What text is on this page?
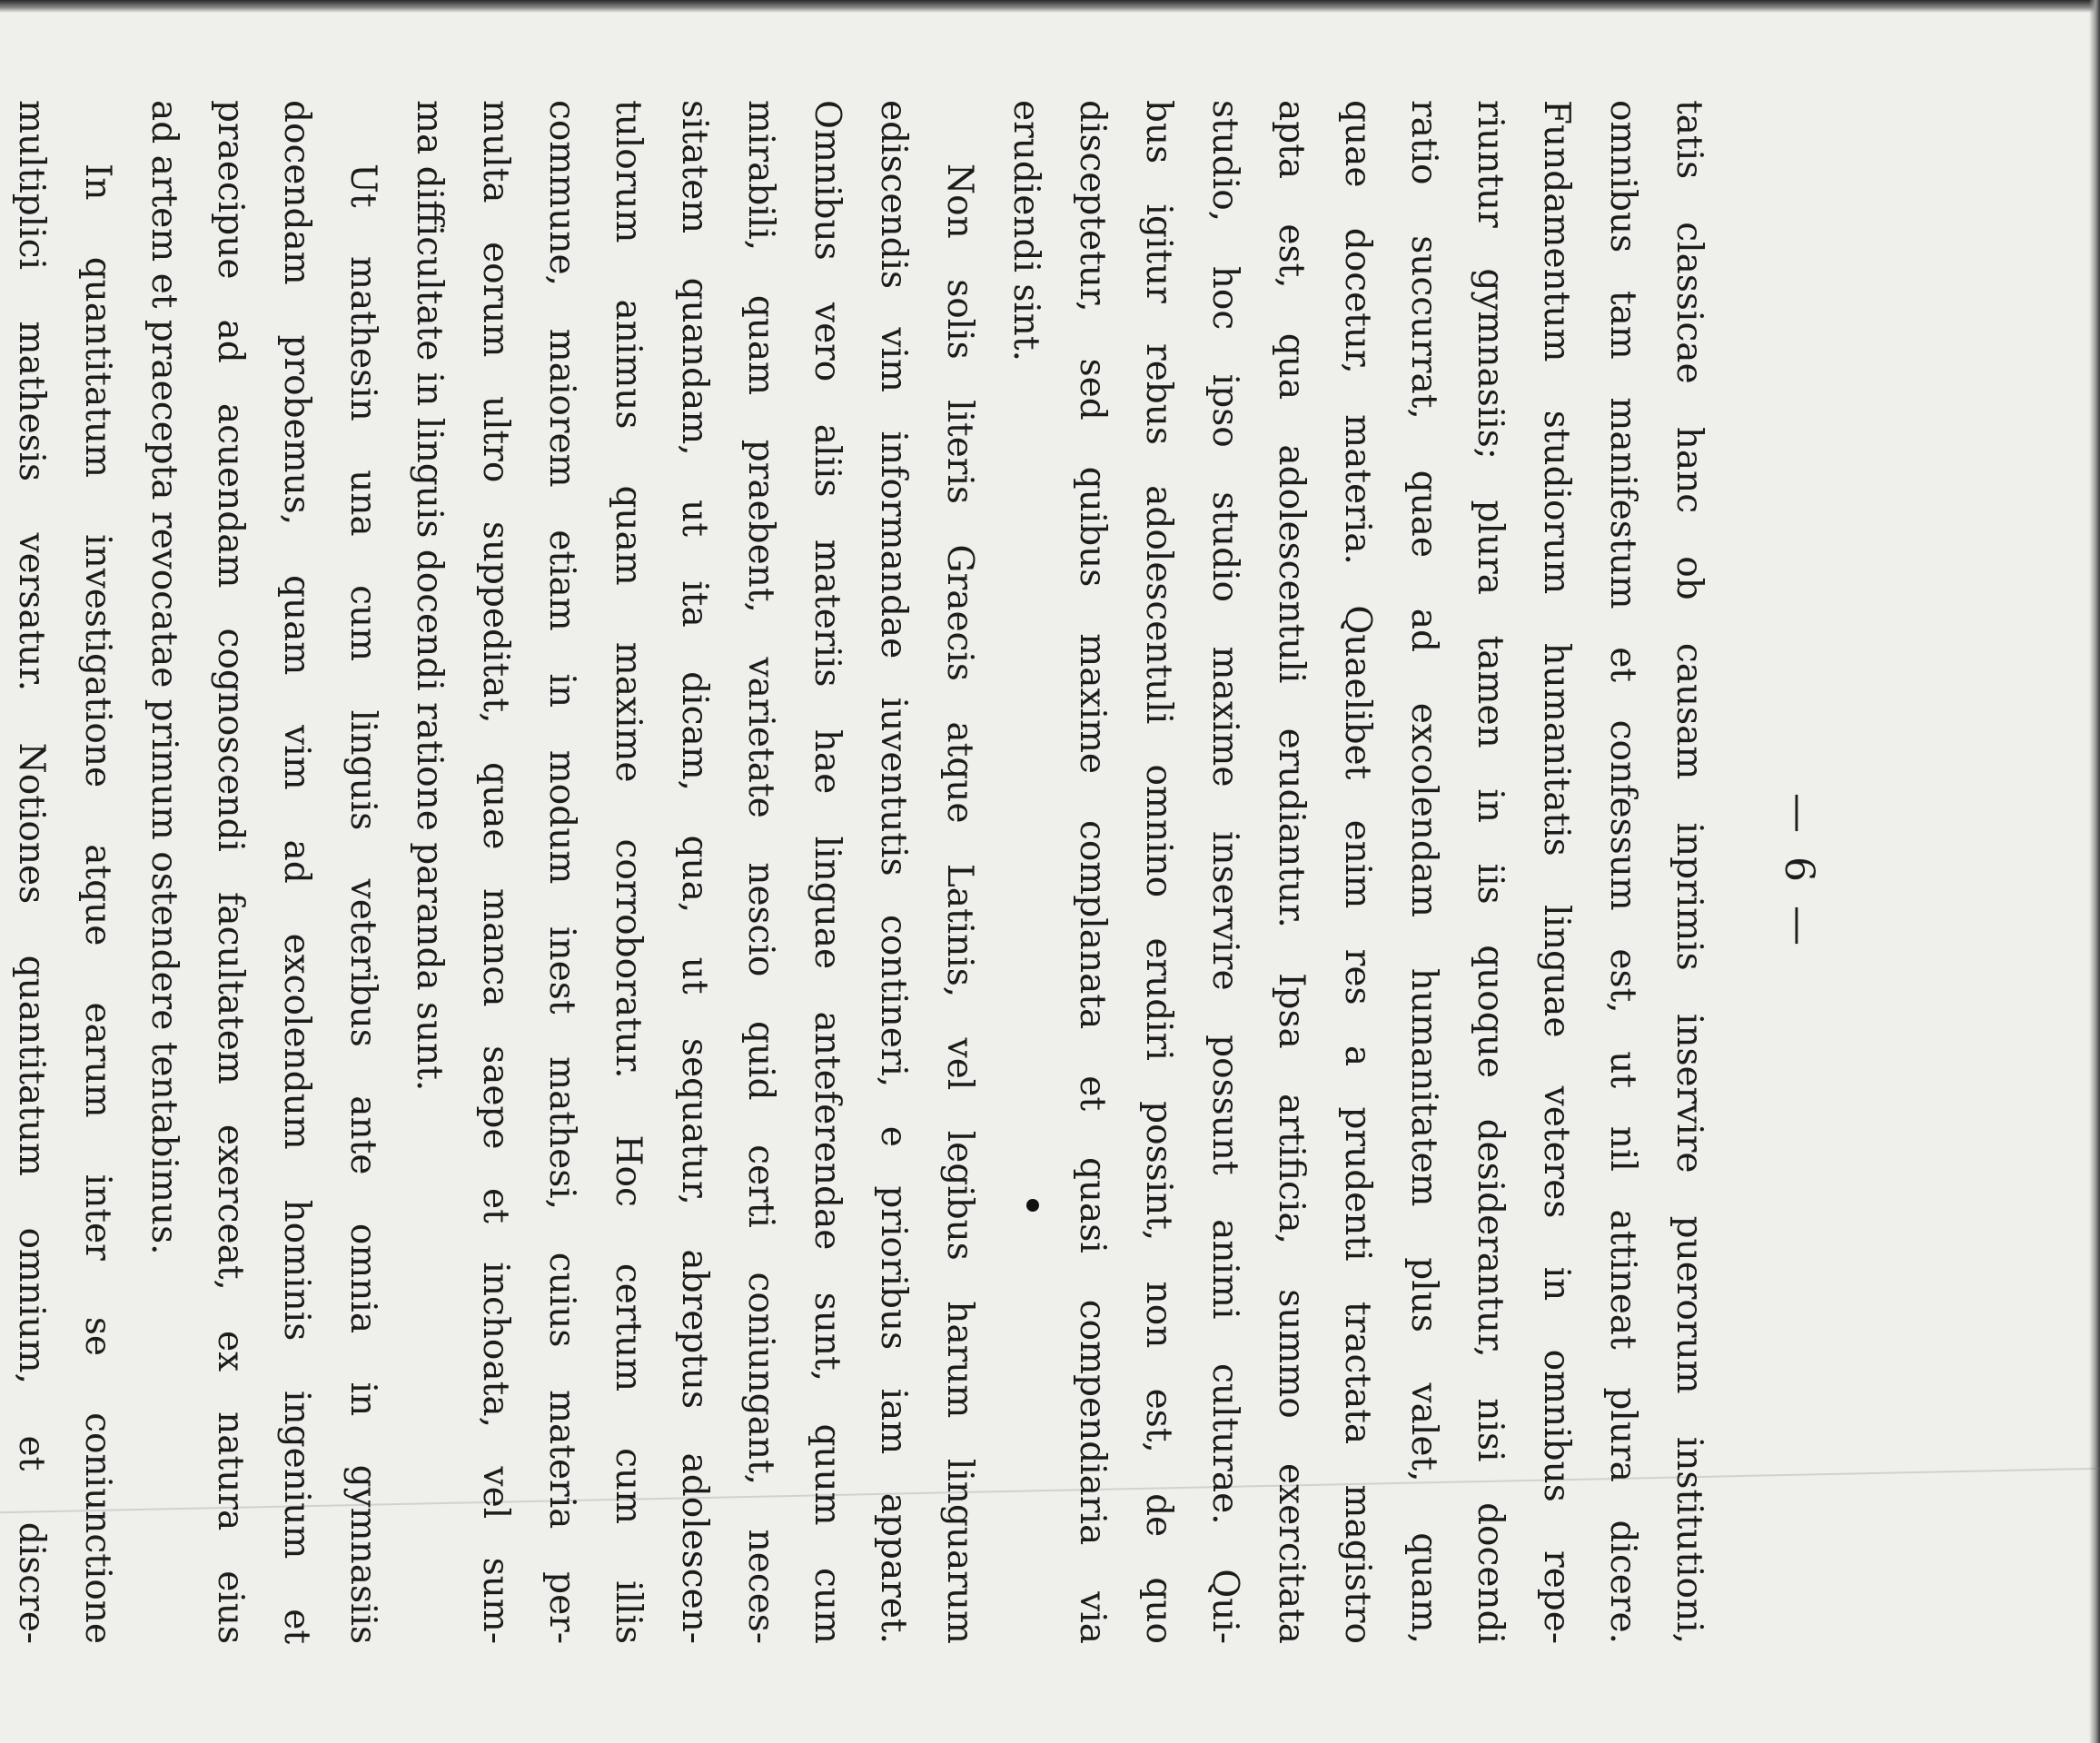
— 6 —
tatis classicae hanc ob causam inprimis inservire puerorum institutioni,
omnibus tam manifestum et confessum est, ut nil attineat plura dicere.
Fundamentum studiorum humanitatis linguae veteres in omnibus repe-
riuntur gymnasiis; plura tamen in iis quoque desiderantur, nisi docendi
ratio succurrat, quae ad excolendam humanitatem plus valet, quam,
quae docetur, materia. Quaelibet enim res a prudenti tractata magistro
apta est, qua adolescentuli erudiantur. Ipsa artificia, summo exercitata
studio, hoc ipso studio maxime inservire possunt animi culturae. Qui-
bus igitur rebus adolescentuli omnino erudiri possint, non est, de quo
disceptetur, sed quibus maxime complanata et quasi compendiaria via
erudiendi sint.
Non solis literis Graecis atque Latinis, vel legibus harum linguarum
ediscendis vim informandae iuventutis contineri, e prioribus iam apparet.
Omnibus vero aliis materiis hae linguae anteferendae sunt, quum cum
mirabili, quam praebent, varietate nescio quid certi coniungant, neces-
sitatem quandam, ut ita dicam, qua, ut sequatur, abreptus adolescen-
tulorum animus quam maxime corroboratur. Hoc certum cum illis
commune, maiorem etiam in modum inest mathesi, cuius materia per-
multa eorum ultro suppeditat, quae manca saepe et inchoata, vel sum-
ma difficultate in linguis docendi ratione paranda sunt.
Ut mathesin una cum linguis veteribus ante omnia in gymnasiis
docendam probemus, quam vim ad excolendum hominis ingenium et
praecipue ad acuendam cognoscendi facultatem exerceat, ex natura eius
ad artem et praecepta revocatae primum ostendere tentabimus.
In quantitatum investigatione atque earum inter se coniunctione
multiplici mathesis versatur. Notiones quantitatum omnium, et discre-
